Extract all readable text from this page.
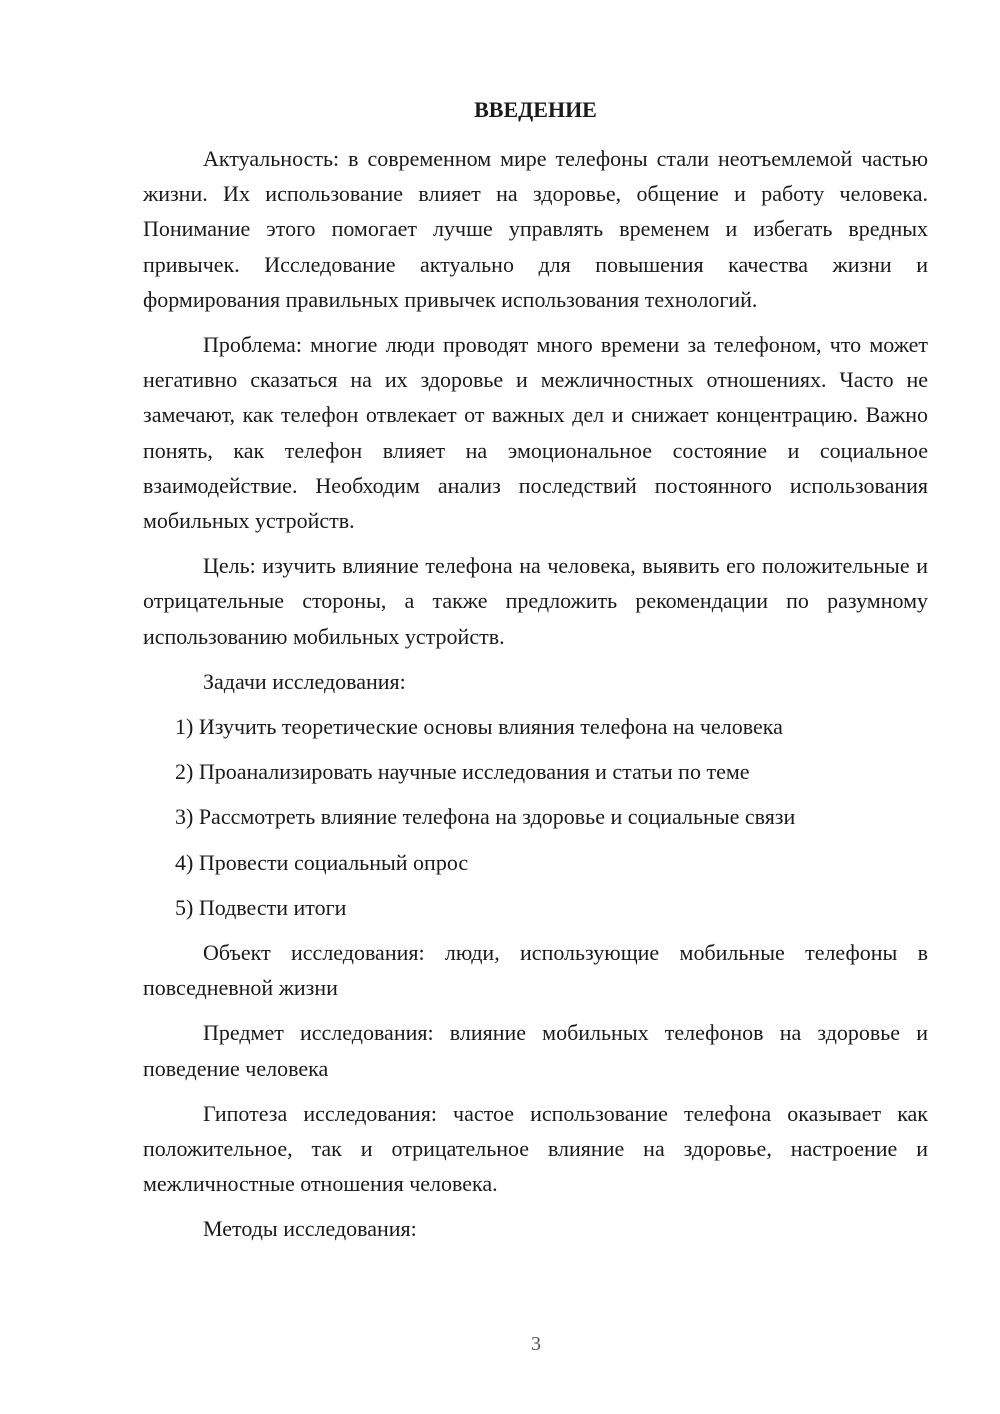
ВВЕДЕНИЕ

Актуальность: в современном мире телефоны стали неотъемлемой частью жизни. Их использование влияет на здоровье, общение и работу человека. Понимание этого помогает лучше управлять временем и избегать вредных привычек. Исследование актуально для повышения качества жизни и формирования правильных привычек использования технологий.

Проблема: многие люди проводят много времени за телефоном, что может негативно сказаться на их здоровье и межличностных отношениях. Часто не замечают, как телефон отвлекает от важных дел и снижает концентрацию. Важно понять, как телефон влияет на эмоциональное состояние и социальное взаимодействие. Необходим анализ последствий постоянного использования мобильных устройств.

Цель: изучить влияние телефона на человека, выявить его положительные и отрицательные стороны, а также предложить рекомендации по разумному использованию мобильных устройств.

Задачи исследования:

1) Изучить теоретические основы влияния телефона на человека
2) Проанализировать научные исследования и статьи по теме
3) Рассмотреть влияние телефона на здоровье и социальные связи
4) Провести социальный опрос
5) Подвести итоги

Объект исследования: люди, использующие мобильные телефоны в повседневной жизни

Предмет исследования: влияние мобильных телефонов на здоровье и поведение человека

Гипотеза исследования: частое использование телефона оказывает как положительное, так и отрицательное влияние на здоровье, настроение и межличностные отношения человека.

Методы исследования:

3
